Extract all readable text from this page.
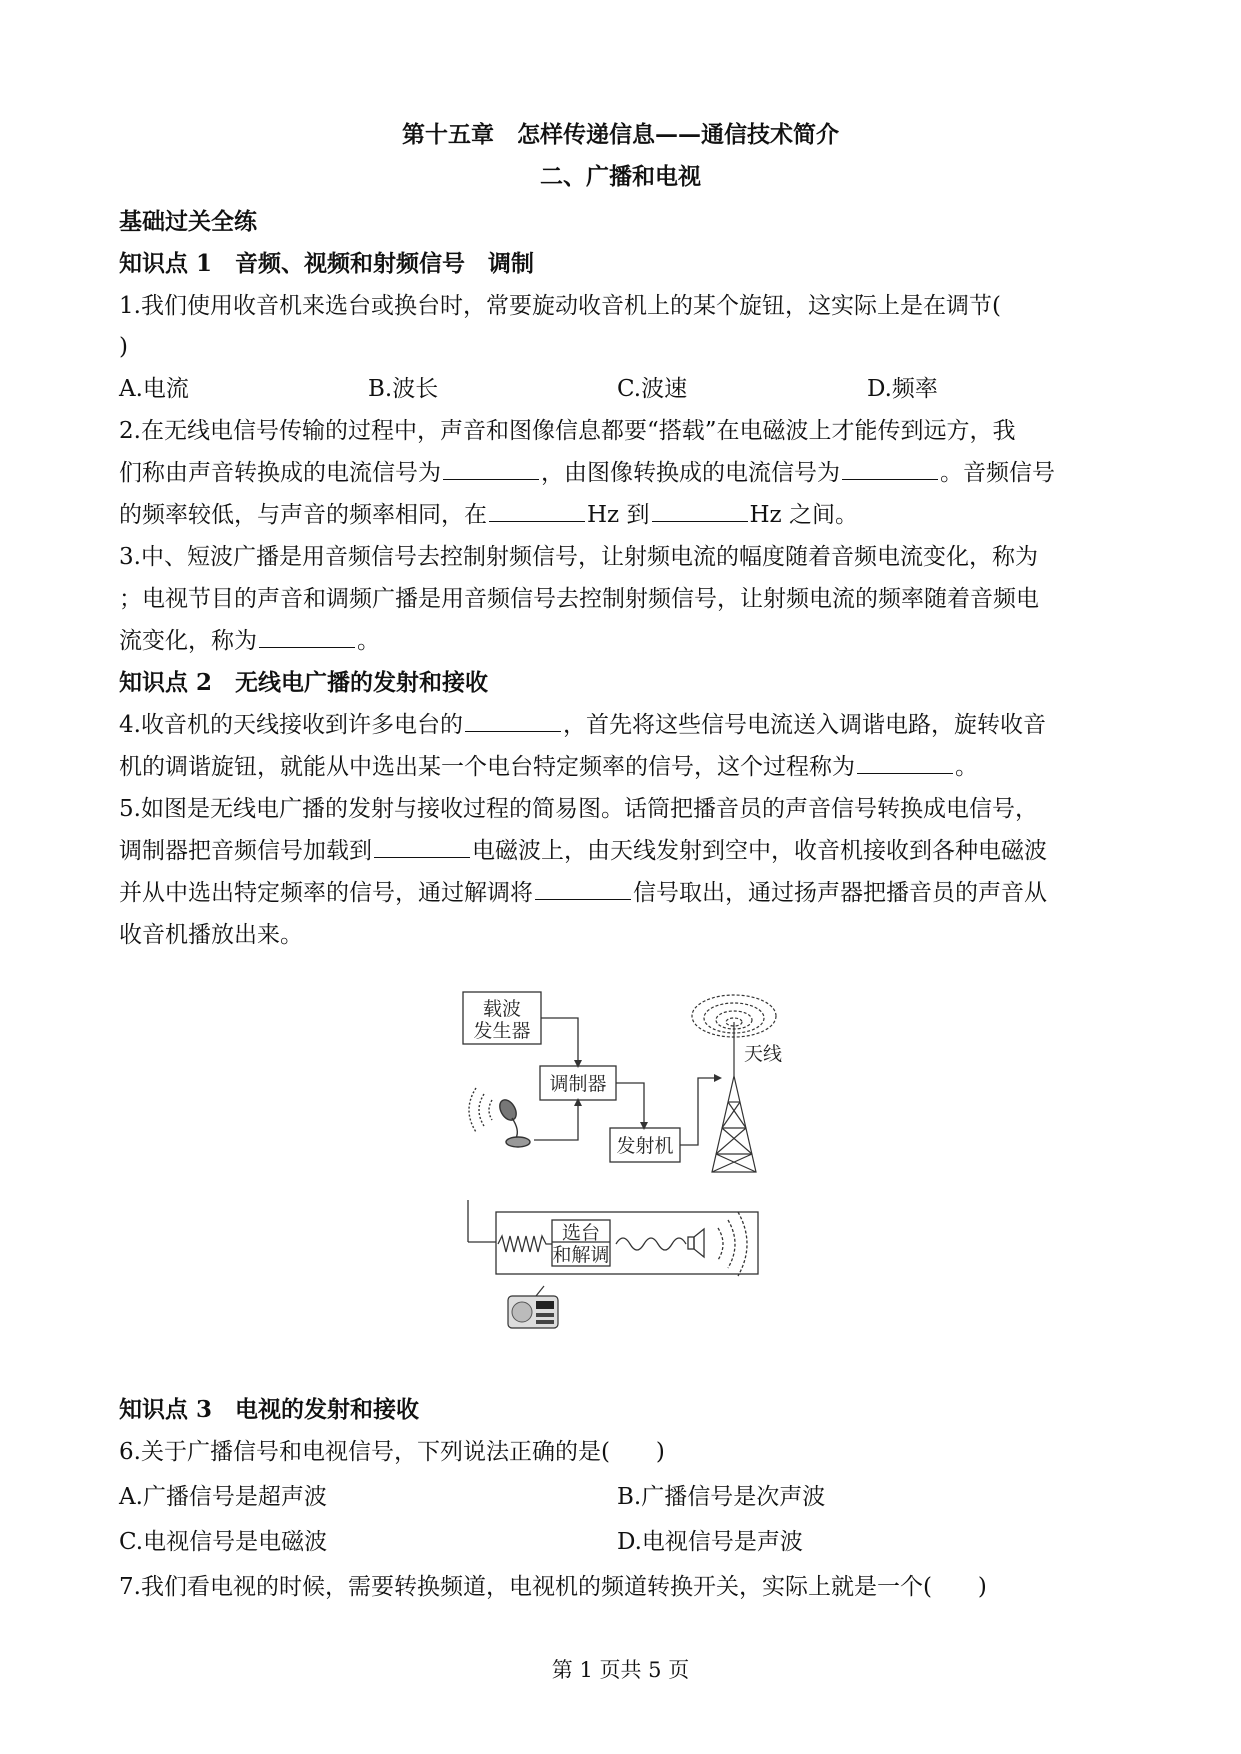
第十五章　怎样传递信息——通信技术简介
二、广播和电视
基础过关全练
知识点 1　音频、视频和射频信号　调制
1.我们使用收音机来选台或换台时，常要旋动收音机上的某个旋钮，这实际上是在调节(
)
A.电流	B.波长	C.波速	D.频率
2.在无线电信号传输的过程中，声音和图像信息都要“搭载”在电磁波上才能传到远方，我
们称由声音转换成的电流信号为	，由图像转换成的电流信号为	。音频信号
的频率较低，与声音的频率相同，在	Hz 到	Hz 之间。
3.中、短波广播是用音频信号去控制射频信号，让射频电流的幅度随着音频电流变化，称为
；电视节目的声音和调频广播是用音频信号去控制射频信号，让射频电流的频率随着音频电
流变化，称为	。
知识点 2　无线电广播的发射和接收
4.收音机的天线接收到许多电台的	，首先将这些信号电流送入调谐电路，旋转收音
机的调谐旋钮，就能从中选出某一个电台特定频率的信号，这个过程称为	。
5.如图是无线电广播的发射与接收过程的简易图。话筒把播音员的声音信号转换成电信号，
调制器把音频信号加载到	电磁波上，由天线发射到空中，收音机接收到各种电磁波
并从中选出特定频率的信号，通过解调将	信号取出，通过扬声器把播音员的声音从
收音机播放出来。
载波
发生器
调制器
发射机
天线
选台
和解调
知识点 3　电视的发射和接收
6.关于广播信号和电视信号，下列说法正确的是(　　)
A.广播信号是超声波	B.广播信号是次声波
C.电视信号是电磁波	D.电视信号是声波
7.我们看电视的时候，需要转换频道，电视机的频道转换开关，实际上就是一个(　　)
第 1 页共 5 页
